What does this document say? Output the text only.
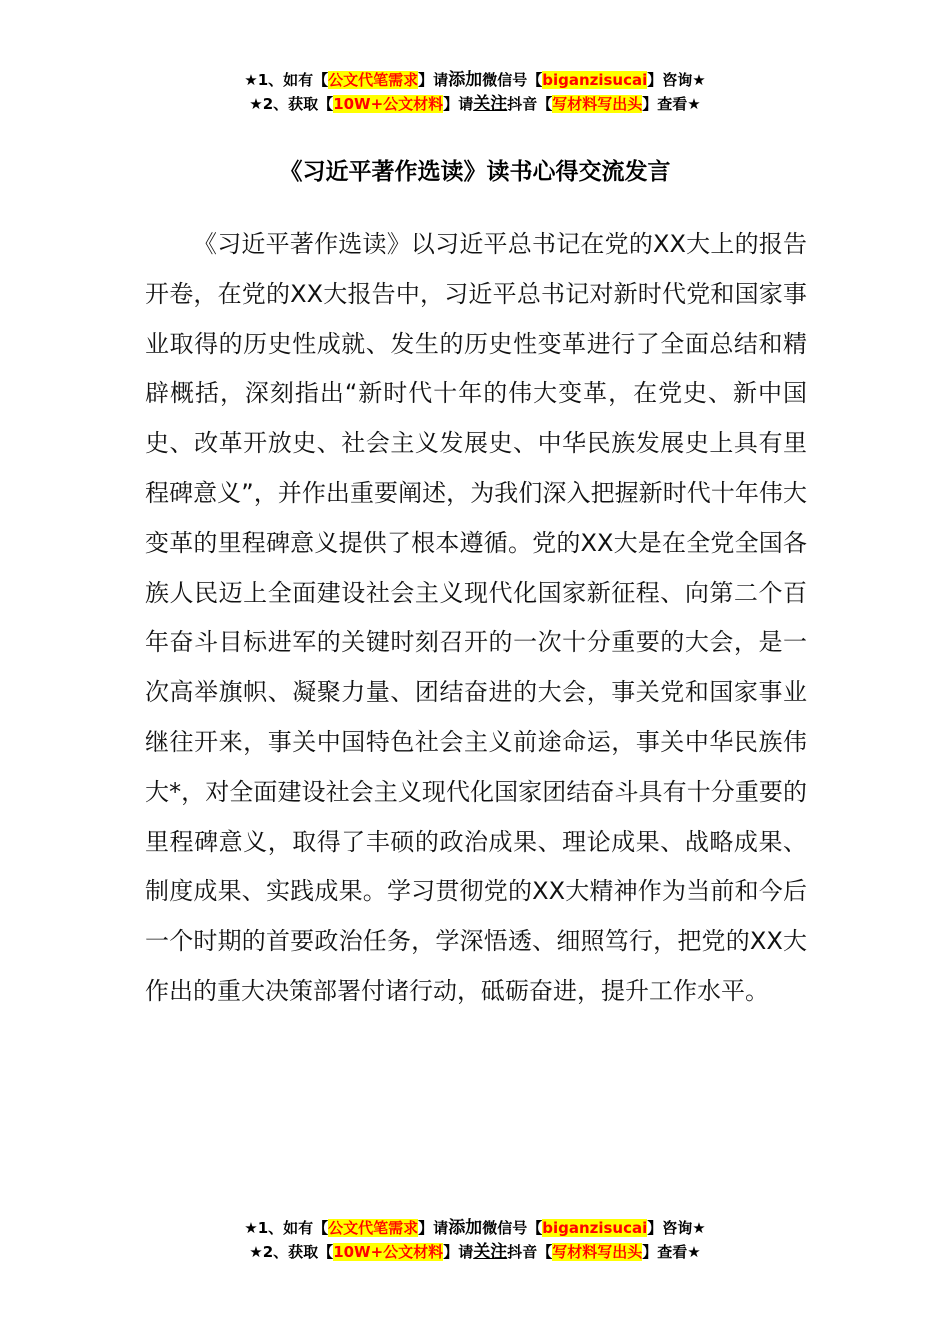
★1、如有【公文代笔需求】请添加微信号【biganzisucai】咨询★
★2、获取【10W+公文材料】请关注抖音【写材料写出头】查看★
《习近平著作选读》读书心得交流发言

《习近平著作选读》以习近平总书记在党的XX大上的报告开卷，在党的XX大报告中，习近平总书记对新时代党和国家事业取得的历史性成就、发生的历史性变革进行了全面总结和精辟概括，深刻指出“新时代十年的伟大变革，在党史、新中国史、改革开放史、社会主义发展史、中华民族发展史上具有里程碑意义”，并作出重要阐述，为我们深入把握新时代十年伟大变革的里程碑意义提供了根本遵循。党的XX大是在全党全国各族人民迈上全面建设社会主义现代化国家新征程、向第二个百年奋斗目标进军的关键时刻召开的一次十分重要的大会，是一次高举旗帜、凝聚力量、团结奋进的大会，事关党和国家事业继往开来，事关中国特色社会主义前途命运，事关中华民族伟大*，对全面建设社会主义现代化国家团结奋斗具有十分重要的里程碑意义，取得了丰硕的政治成果、理论成果、战略成果、制度成果、实践成果。学习贯彻党的XX大精神作为当前和今后一个时期的首要政治任务，学深悟透、细照笃行，把党的XX大作出的重大决策部署付诸行动，砥砺奋进，提升工作水平。

★1、如有【公文代笔需求】请添加微信号【biganzisucai】咨询★
★2、获取【10W+公文材料】请关注抖音【写材料写出头】查看★
